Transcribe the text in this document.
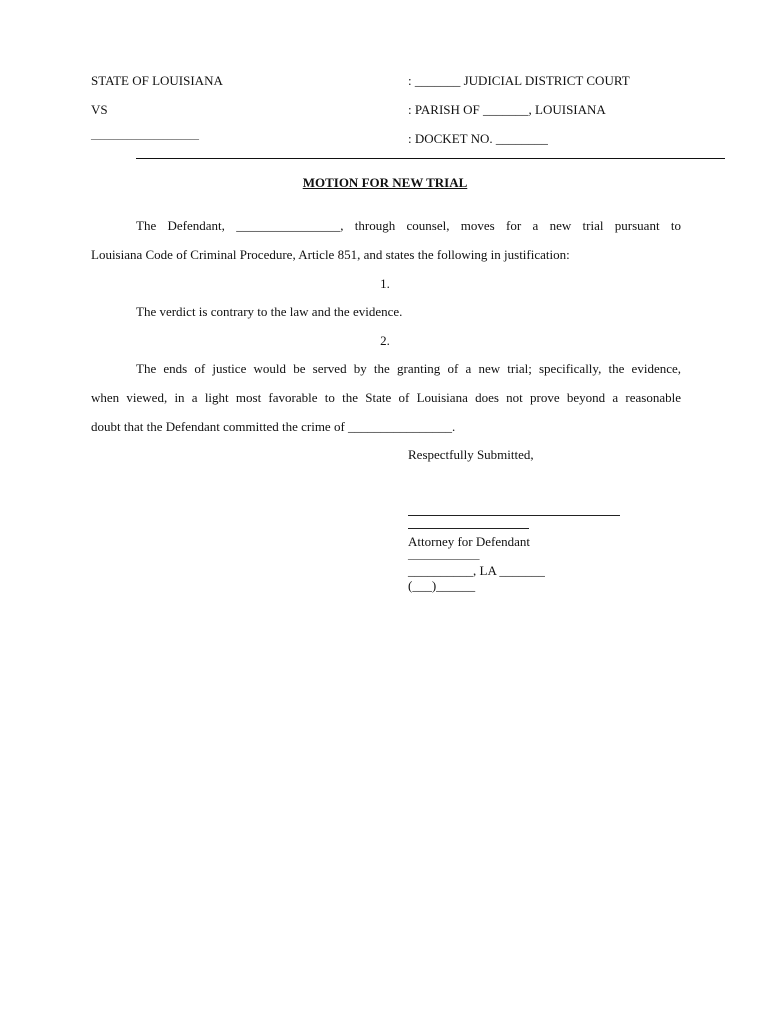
STATE OF LOUISIANA	: _______ JUDICIAL DISTRICT COURT
VS	: PARISH OF _______, LOUISIANA
________________________	: DOCKET NO. ________
MOTION FOR NEW TRIAL
The Defendant, ________________, through counsel, moves for a new trial pursuant to
Louisiana Code of Criminal Procedure, Article 851, and states the following in justification:
1.
The verdict is contrary to the law and the evidence.
2.
The ends of justice would be served by the granting of a new trial; specifically, the evidence,
when viewed, in a light most favorable to the State of Louisiana does not prove beyond a reasonable
doubt that the Defendant committed the crime of ________________.
Respectfully Submitted,
Attorney for Defendant
_____________
__________, LA _______
(___)______
